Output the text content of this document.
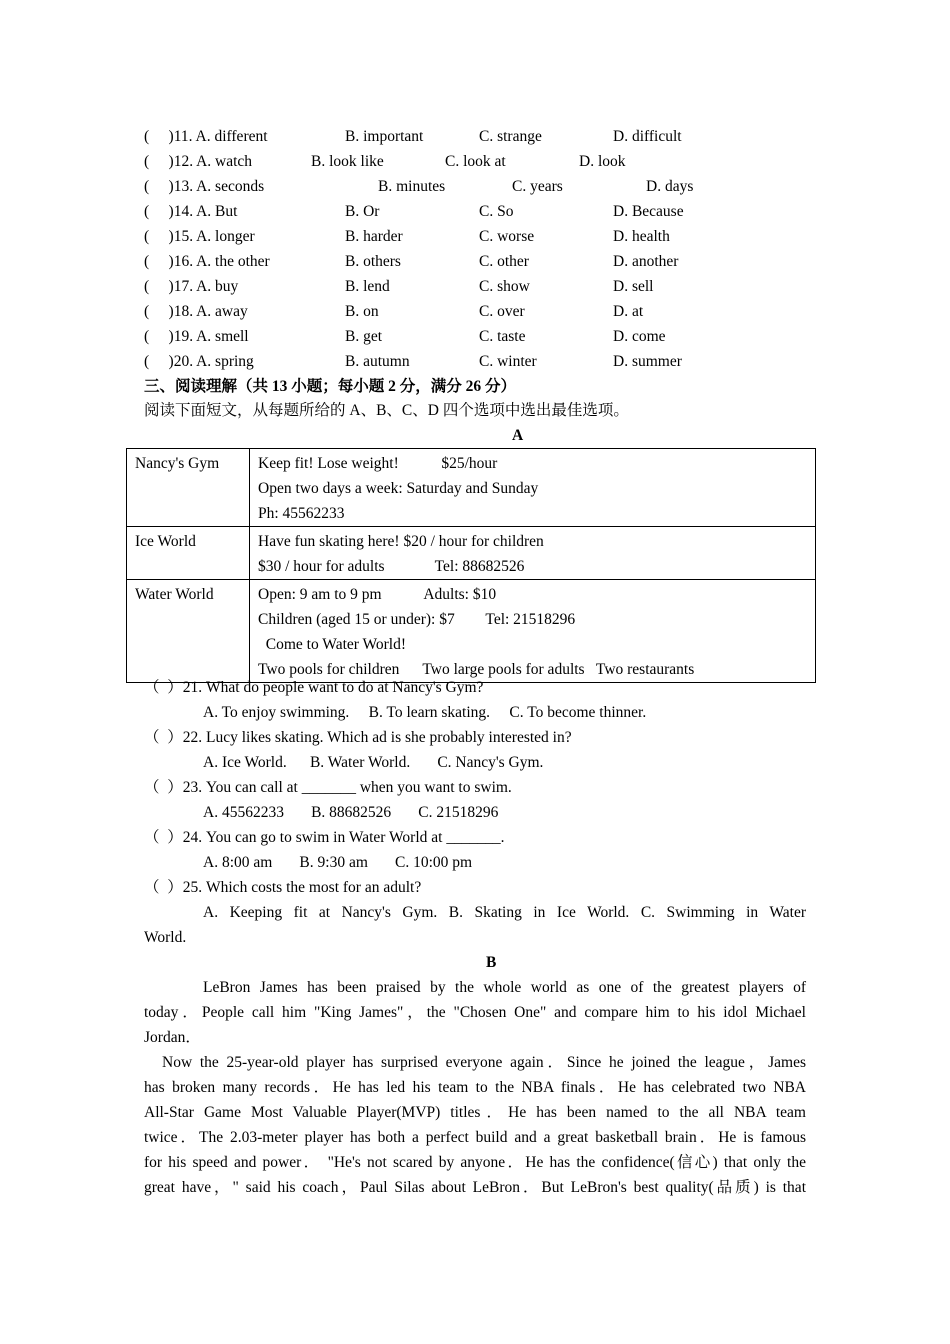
(     )11. A. different	B. important	C. strange	D. difficult
(     )12. A. watch	B. look like	C. look at	D. look
(     )13. A. seconds	B. minutes	C. years	D. days
(     )14. A. But	B. Or	C. So	D. Because
(     )15. A. longer	B. harder	C. worse	D. health
(     )16. A. the other	B. others	C. other	D. another
(     )17. A. buy	B. lend	C. show	D. sell
(     )18. A. away	B. on	C. over	D. at
(     )19. A. smell	B. get	C. taste	D. come
(     )20. A. spring	B. autumn	C. winter	D. summer
三、阅读理解（共 13 小题；每小题 2 分，满分 26 分）
阅读下面短文，从每题所给的 A、B、C、D 四个选项中选出最佳选项。
A
Nancy's Gym	Keep fit! Lose weight!           $25/hour
Open two days a week: Saturday and Sunday
Ph: 45562233

Ice World	Have fun skating here! $20 / hour for children
$30 / hour for adults             Tel: 88682526

Water World	Open: 9 am to 9 pm           Adults: $10
Children (aged 15 or under): $7        Tel: 21518296
Come to Water World!
Two pools for children      Two large pools for adults   Two restaurants
（  ）21. What do people want to do at Nancy's Gym?
A. To enjoy swimming.     B. To learn skating.     C. To become thinner.
（  ）22. Lucy likes skating. Which ad is she probably interested in?
A. Ice World.      B. Water World.       C. Nancy's Gym.
（  ）23. You can call at _______ when you want to swim.
A. 45562233       B. 88682526       C. 21518296
（  ）24. You can go to swim in Water World at _______.
A. 8:00 am       B. 9:30 am       C. 10:00 pm
（  ）25. Which costs the most for an adult?
A. Keeping fit at Nancy's Gym. B. Skating in Ice World. C. Swimming in Water
World.
B
LeBron James has been praised by the whole world as one of the greatest players of
today．People call him "King James"，the "Chosen One" and compare him to his idol Michael
Jordan．
Now the 25-year-old player has surprised everyone again．Since he joined the league，James
has broken many records．He has led his team to the NBA finals．He has celebrated two NBA
All-Star Game Most Valuable Player(MVP) titles．He has been named to the all NBA team
twice．The 2.03-meter player has both a perfect build and a great basketball brain．He is famous
for his speed and power． "He's not scared by anyone．He has the confidence(信心) that only the
great have，" said his coach，Paul Silas about LeBron．But LeBron's best quality(品质) is that
